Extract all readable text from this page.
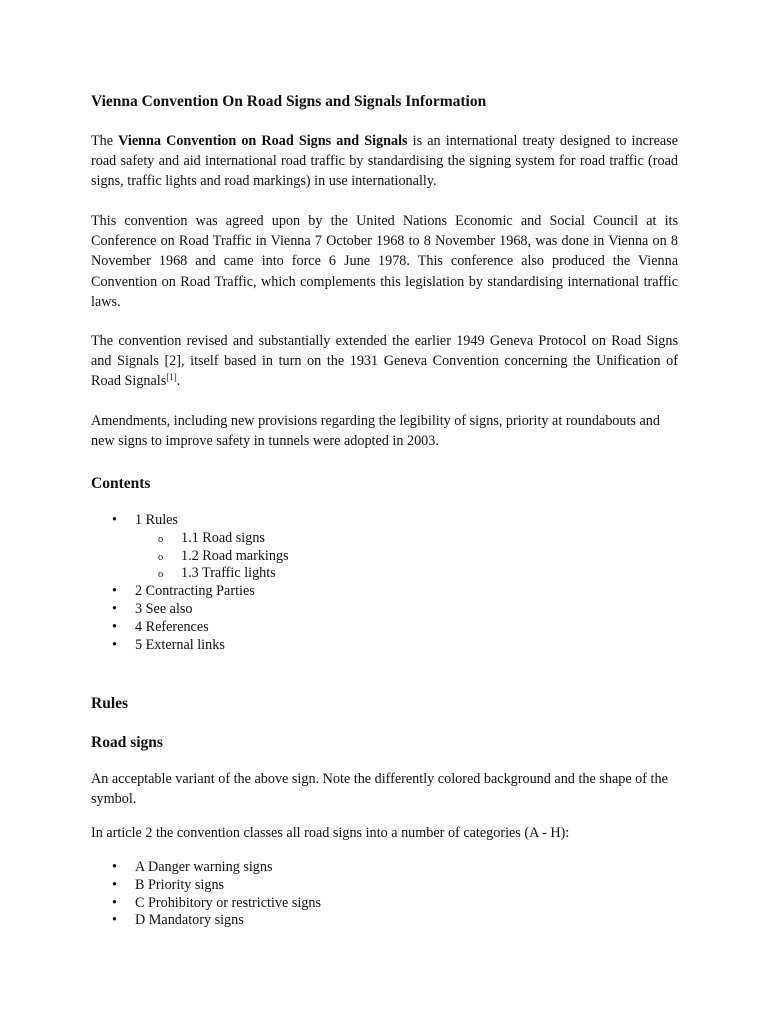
Vienna Convention On Road Signs and Signals Information

The Vienna Convention on Road Signs and Signals is an international treaty designed to increase road safety and aid international road traffic by standardising the signing system for road traffic (road signs, traffic lights and road markings) in use internationally.

This convention was agreed upon by the United Nations Economic and Social Council at its Conference on Road Traffic in Vienna 7 October 1968 to 8 November 1968, was done in Vienna on 8 November 1968 and came into force 6 June 1978. This conference also produced the Vienna Convention on Road Traffic, which complements this legislation by standardising international traffic laws.

The convention revised and substantially extended the earlier 1949 Geneva Protocol on Road Signs and Signals [2], itself based in turn on the 1931 Geneva Convention concerning the Unification of Road Signals[1].

Amendments, including new provisions regarding the legibility of signs, priority at roundabouts and new signs to improve safety in tunnels were adopted in 2003.

Contents
• 1 Rules
o 1.1 Road signs
o 1.2 Road markings
o 1.3 Traffic lights
• 2 Contracting Parties
• 3 See also
• 4 References
• 5 External links
Rules
Road signs

An acceptable variant of the above sign. Note the differently colored background and the shape of the symbol.

In article 2 the convention classes all road signs into a number of categories (A - H):

• A Danger warning signs
• B Priority signs
• C Prohibitory or restrictive signs
• D Mandatory signs
